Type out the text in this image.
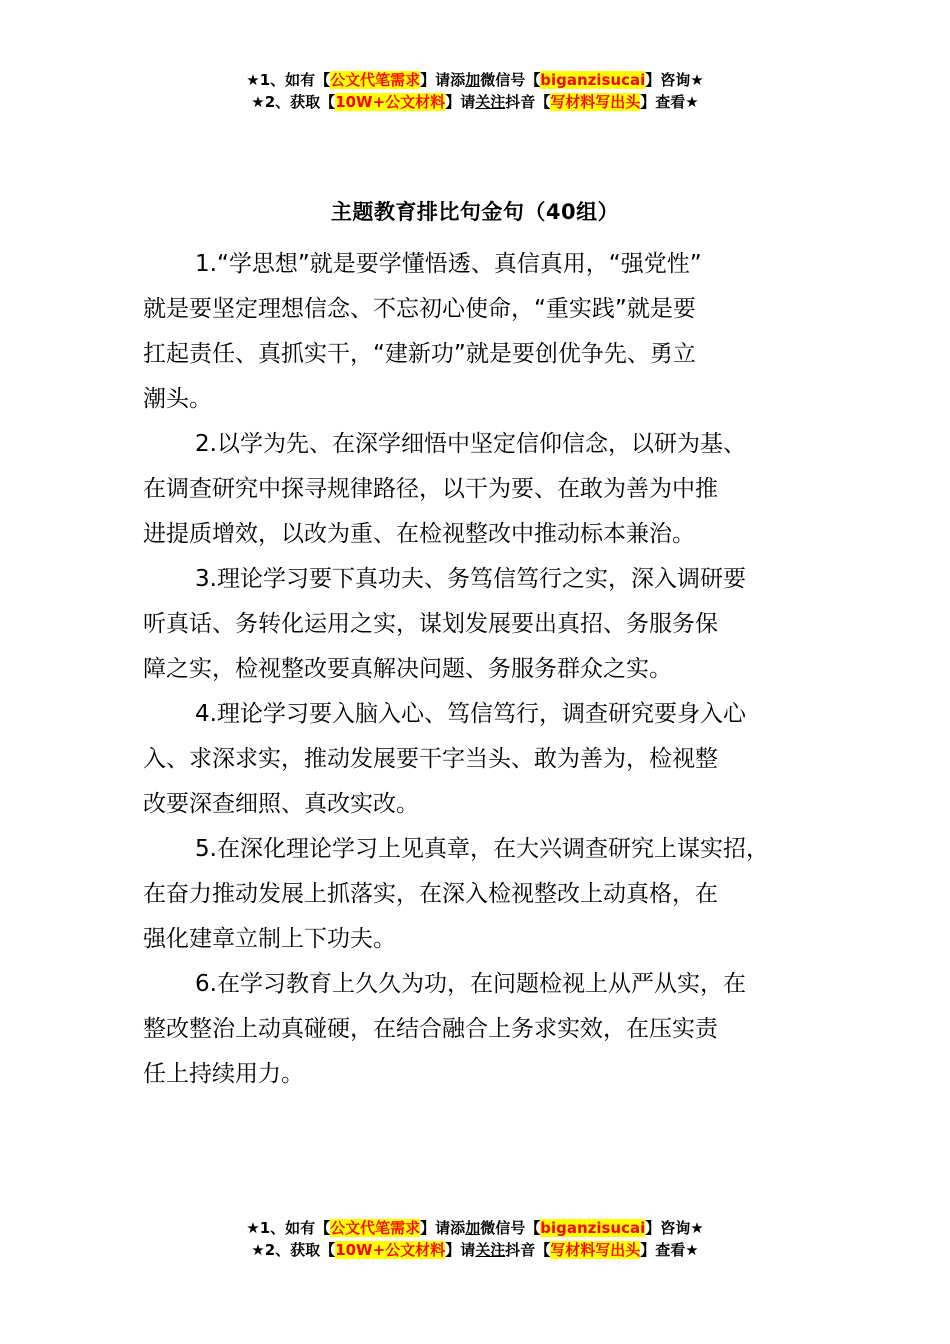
★1、如有【公文代笔需求】请添加微信号【biganzisucai】咨询★
★2、获取【10W+公文材料】请关注抖音【写材料写出头】查看★
主题教育排比句金句（40组）

1.“学思想”就是要学懂悟透、真信真用，“强党性”
就是要坚定理想信念、不忘初心使命，“重实践”就是要
扛起责任、真抓实干，“建新功”就是要创优争先、勇立
潮头。

2.以学为先、在深学细悟中坚定信仰信念，以研为基、
在调查研究中探寻规律路径，以干为要、在敢为善为中推
进提质增效，以改为重、在检视整改中推动标本兼治。

3.理论学习要下真功夫、务笃信笃行之实，深入调研要
听真话、务转化运用之实，谋划发展要出真招、务服务保
障之实，检视整改要真解决问题、务服务群众之实。

4.理论学习要入脑入心、笃信笃行，调查研究要身入心
入、求深求实，推动发展要干字当头、敢为善为，检视整
改要深查细照、真改实改。

5.在深化理论学习上见真章，在大兴调查研究上谋实招，
在奋力推动发展上抓落实，在深入检视整改上动真格，在
强化建章立制上下功夫。

6.在学习教育上久久为功，在问题检视上从严从实，在
整改整治上动真碰硬，在结合融合上务求实效，在压实责
任上持续用力。

★1、如有【公文代笔需求】请添加微信号【biganzisucai】咨询★
★2、获取【10W+公文材料】请关注抖音【写材料写出头】查看★
